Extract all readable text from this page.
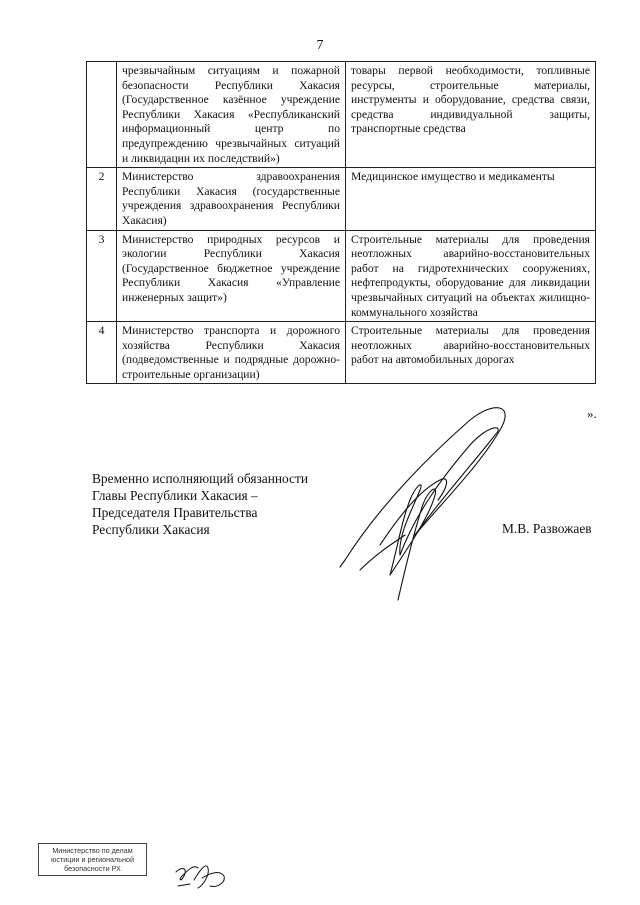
7
	чрезвычайным ситуациям и пожарной безопасности Республики Хакасия (Государственное казённое учреждение Республики Хакасия «Республиканский информационный центр по предупреждению чрезвычайных ситуаций и ликвидации их последствий»)	товары первой необходимости, топливные ресурсы, строительные материалы, инструменты и оборудование, средства связи, средства индивидуальной защиты, транспортные средства
2	Министерство здравоохранения Республики Хакасия (государственные учреждения здравоохранения Республики Хакасия)	Медицинское имущество и медикаменты
3	Министерство природных ресурсов и экологии Республики Хакасия (Государственное бюджетное учреждение Республики Хакасия «Управление инженерных защит»)	Строительные материалы для проведения неотложных аварийно-восстановительных работ на гидротехнических сооружениях, нефтепродукты, оборудование для ликвидации чрезвычайных ситуаций на объектах жилищно-коммунального хозяйства
4	Министерство транспорта и дорожного хозяйства Республики Хакасия (подведомственные и подрядные дорожно-строительные организации)	Строительные материалы для проведения неотложных аварийно-восстановительных работ на автомобильных дорогах
».
Временно исполняющий обязанности
Главы Республики Хакасия –
Председателя Правительства
Республики Хакасия	М.В. Развожаев
Министерство по делам
юстиции и региональной
безопасности РХ
